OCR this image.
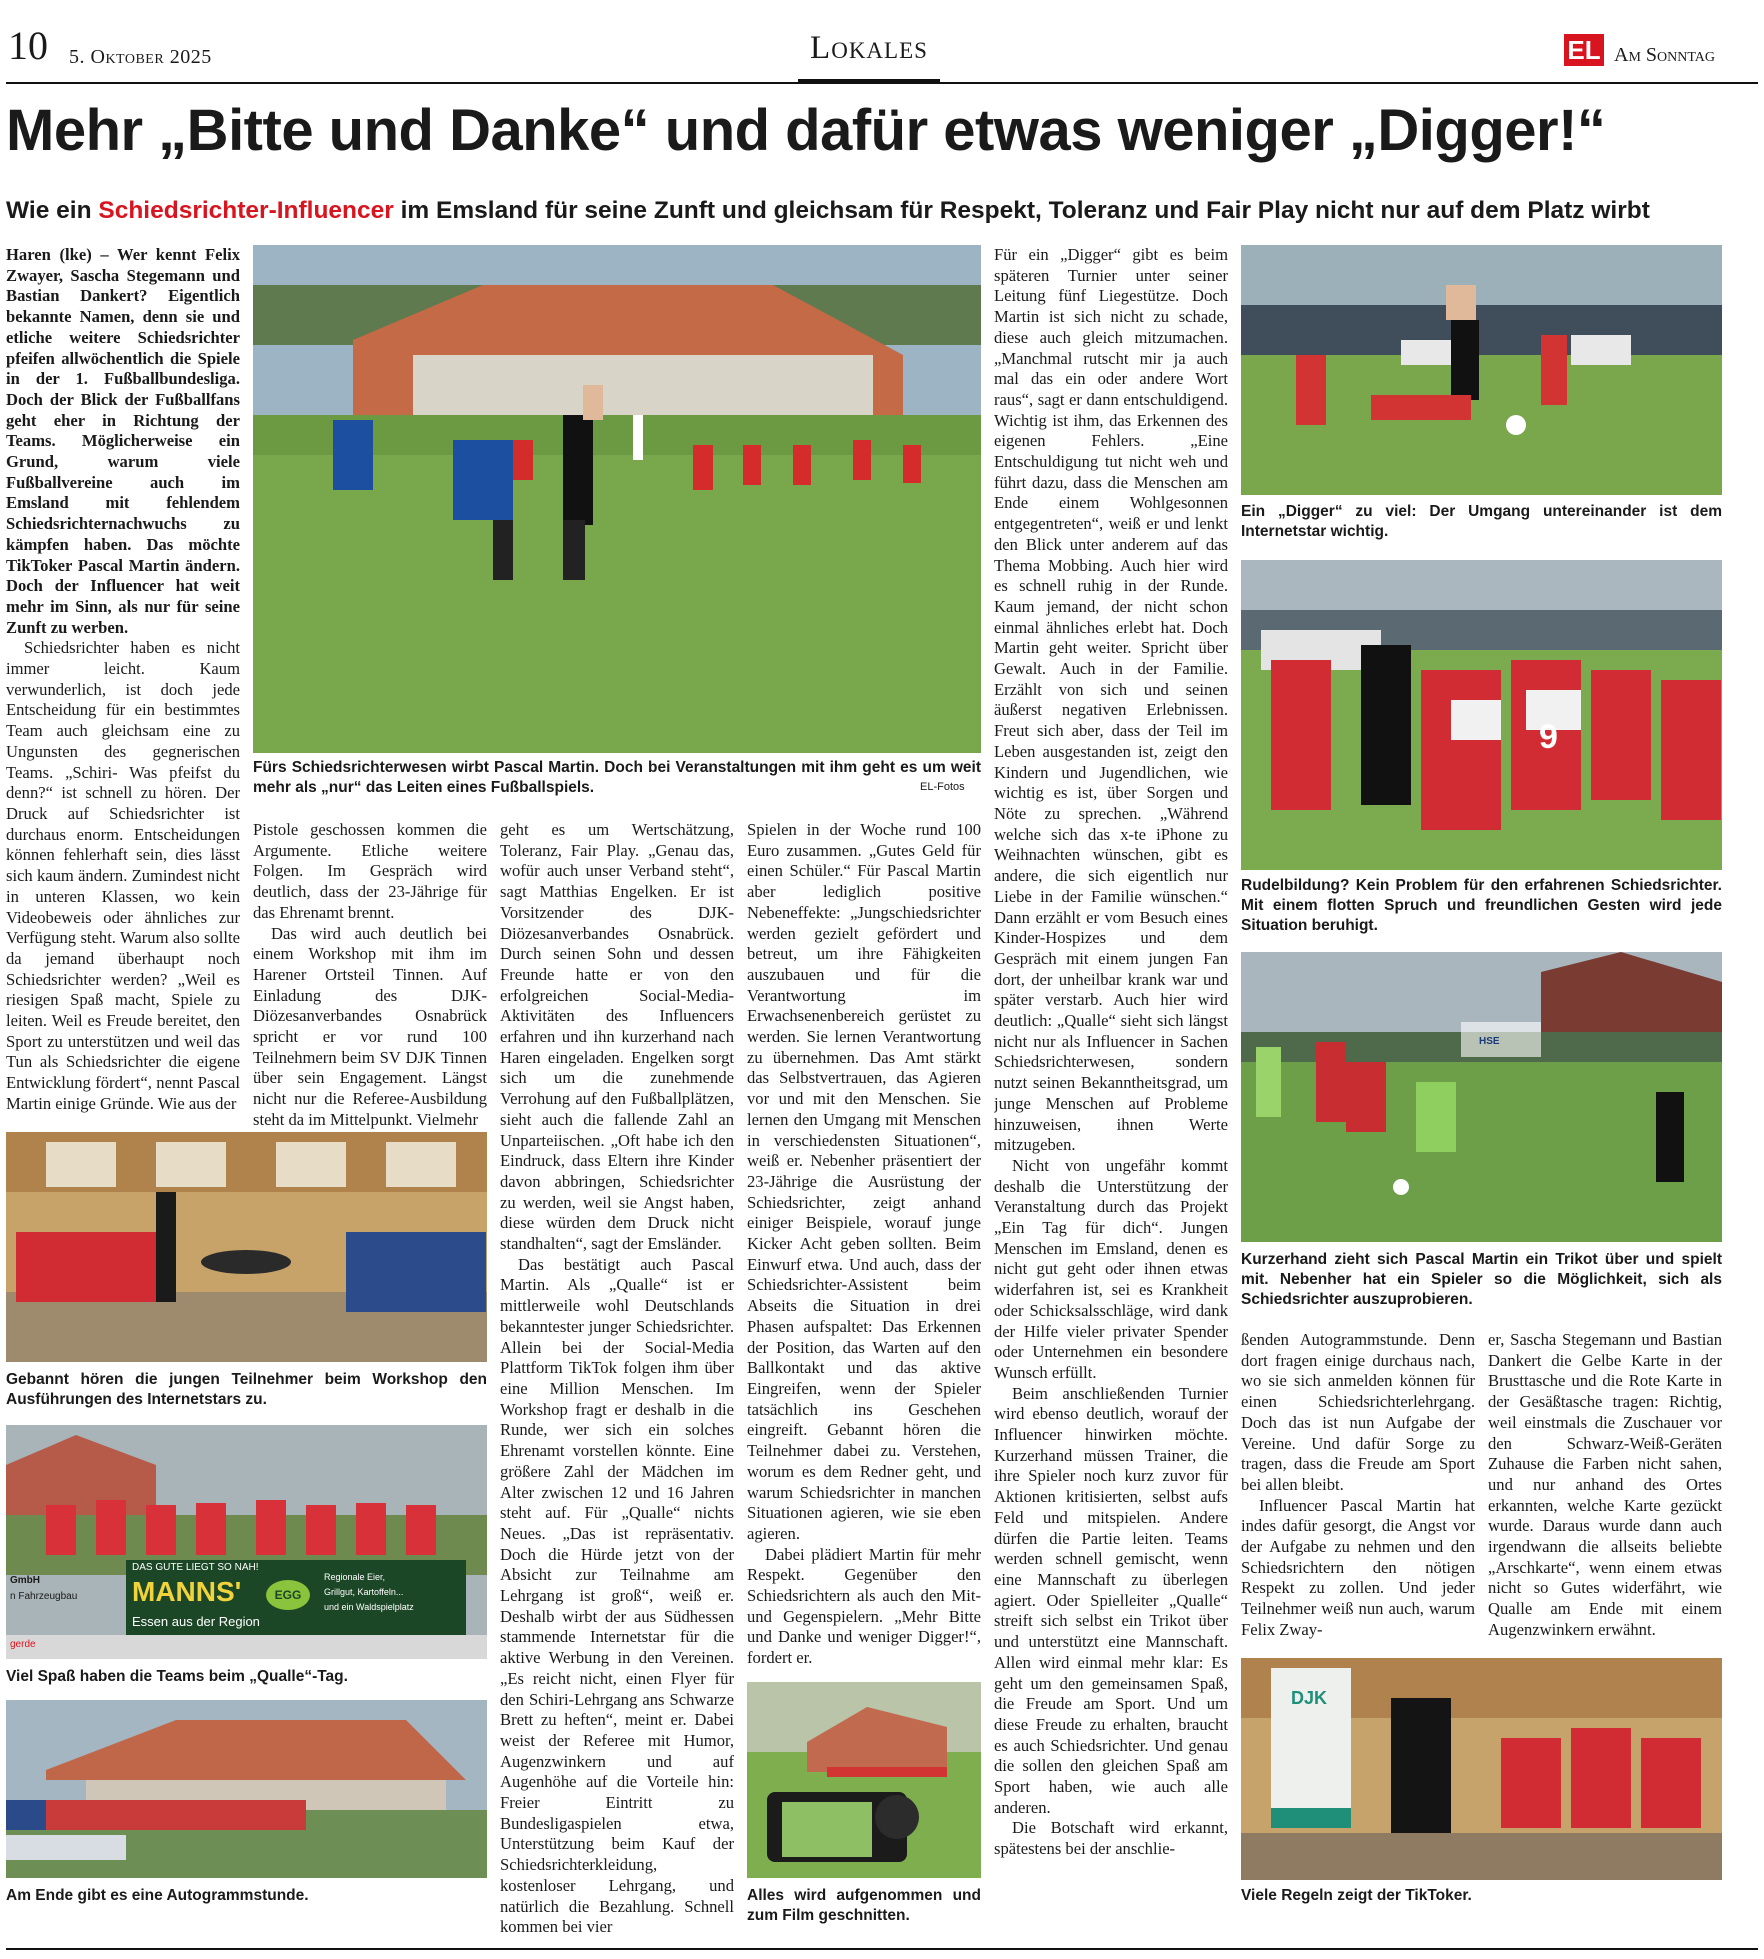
10 5. Oktober 2025	Lokales	EL Am Sonntag
Mehr „Bitte und Danke“ und dafür etwas weniger „Digger!“
Wie ein Schiedsrichter-Influencer im Emsland für seine Zunft und gleichsam für Respekt, Toleranz und Fair Play nicht nur auf dem Platz wirbt
Haren (lke) – Wer kennt Felix Zwayer, Sascha Stegemann und Bastian Dankert? Eigentlich bekannte Namen, denn sie und etliche weitere Schiedsrichter pfeifen allwöchentlich die Spiele in der 1. Fußballbundesliga. Doch der Blick der Fußballfans geht eher in Richtung der Teams. Möglicherweise ein Grund, warum viele Fußballvereine auch im Emsland mit fehlendem Schiedsrichternachwuchs zu kämpfen haben. Das möchte TikToker Pascal Martin ändern. Doch der Influencer hat weit mehr im Sinn, als nur für seine Zunft zu werben.
Schiedsrichter haben es nicht immer leicht. Kaum verwunderlich, ist doch jede Entscheidung für ein bestimmtes Team auch gleichsam eine zu Ungunsten des gegnerischen Teams. „Schiri- Was pfeifst du denn?“ ist schnell zu hören. Der Druck auf Schiedsrichter ist durchaus enorm. Entscheidungen können fehlerhaft sein, dies lässt sich kaum ändern. Zumindest nicht in unteren Klassen, wo kein Videobeweis oder ähnliches zur Verfügung steht. Warum also sollte da jemand überhaupt noch Schiedsrichter werden? „Weil es riesigen Spaß macht, Spiele zu leiten. Weil es Freude bereitet, den Sport zu unterstützen und weil das Tun als Schiedsrichter die eigene Entwicklung fördert“, nennt Pascal Martin einige Gründe. Wie aus der
Fürs Schiedsrichterwesen wirbt Pascal Martin. Doch bei Veranstaltungen mit ihm geht es um weit mehr als „nur“ das Leiten eines Fußballspiels.	EL-Fotos
Pistole geschossen kommen die Argumente. Etliche weitere Folgen. Im Gespräch wird deutlich, dass der 23-Jährige für das Ehrenamt brennt.
Das wird auch deutlich bei einem Workshop mit ihm im Harener Ortsteil Tinnen. Auf Einladung des DJK-Diözesanverbandes Osnabrück spricht er vor rund 100 Teilnehmern beim SV DJK Tinnen über sein Engagement. Längst nicht nur die Referee-Ausbildung steht da im Mittelpunkt. Vielmehr
geht es um Wertschätzung, Toleranz, Fair Play. „Genau das, wofür auch unser Verband steht“, sagt Matthias Engelken. Er ist Vorsitzender des DJK-Diözesanverbandes Osnabrück. Durch seinen Sohn und dessen Freunde hatte er von den erfolgreichen Social-Media-Aktivitäten des Influencers erfahren und ihn kurzerhand nach Haren eingeladen. Engelken sorgt sich um die zunehmende Verrohung auf den Fußballplätzen, sieht auch die fallende Zahl an Unparteiischen. „Oft habe ich den Eindruck, dass Eltern ihre Kinder davon abbringen, Schiedsrichter zu werden, weil sie Angst haben, diese würden dem Druck nicht standhalten“, sagt der Emsländer.
Das bestätigt auch Pascal Martin. Als „Qualle“ ist er mittlerweile wohl Deutschlands bekanntester junger Schiedsrichter. Allein bei der Social-Media Plattform TikTok folgen ihm über eine Million Menschen. Im Workshop fragt er deshalb in die Runde, wer sich ein solches Ehrenamt vorstellen könnte. Eine größere Zahl der Mädchen im Alter zwischen 12 und 16 Jahren steht auf. Für „Qualle“ nichts Neues. „Das ist repräsentativ. Doch die Hürde jetzt von der Absicht zur Teilnahme am Lehrgang ist groß“, weiß er. Deshalb wirbt der aus Südhessen stammende Internetstar für die aktive Werbung in den Vereinen. „Es reicht nicht, einen Flyer für den Schiri-Lehrgang ans Schwarze Brett zu heften“, meint er. Dabei weist der Referee mit Humor, Augenzwinkern und auf Augenhöhe auf die Vorteile hin: Freier Eintritt zu Bundesligaspielen etwa, Unterstützung beim Kauf der Schiedsrichterkleidung, kostenloser Lehrgang, und natürlich die Bezahlung. Schnell kommen bei vier
Spielen in der Woche rund 100 Euro zusammen. „Gutes Geld für einen Schüler.“ Für Pascal Martin aber lediglich positive Nebeneffekte: „Jungschiedsrichter werden gezielt gefördert und betreut, um ihre Fähigkeiten auszubauen und für die Verantwortung im Erwachsenenbereich gerüstet zu werden. Sie lernen Verantwortung zu übernehmen. Das Amt stärkt das Selbstvertrauen, das Agieren vor und mit den Menschen. Sie lernen den Umgang mit Menschen in verschiedensten Situationen“, weiß er. Nebenher präsentiert der 23-Jährige die Ausrüstung der Schiedsrichter, zeigt anhand einiger Beispiele, worauf junge Kicker Acht geben sollten. Beim Einwurf etwa. Und auch, dass der Schiedsrichter-Assistent beim Abseits die Situation in drei Phasen aufspaltet: Das Erkennen der Position, das Warten auf den Ballkontakt und das aktive Eingreifen, wenn der Spieler tatsächlich ins Geschehen eingreift. Gebannt hören die Teilnehmer dabei zu. Verstehen, worum es dem Redner geht, und warum Schiedsrichter in manchen Situationen agieren, wie sie eben agieren.
Dabei plädiert Martin für mehr Respekt. Gegenüber den Schiedsrichtern als auch den Mit- und Gegenspielern. „Mehr Bitte und Danke und weniger Digger!“, fordert er.
Alles wird aufgenommen und zum Film geschnitten.
Gebannt hören die jungen Teilnehmer beim Workshop den Ausführungen des Internetstars zu.
DAS GUTE LIEGT SO NAH!
MANNS'	EGG
Essen aus der Region
Regionale Eier,
Grillgut, Kartoffeln...
und ein Waldspielplatz
GmbH
n Fahrzeugbau
gerde
Viel Spaß haben die Teams beim „Qualle“-Tag.
Am Ende gibt es eine Autogrammstunde.
Für ein „Digger“ gibt es beim späteren Turnier unter seiner Leitung fünf Liegestütze. Doch Martin ist sich nicht zu schade, diese auch gleich mitzumachen. „Manchmal rutscht mir ja auch mal das ein oder andere Wort raus“, sagt er dann entschuldigend. Wichtig ist ihm, das Erkennen des eigenen Fehlers. „Eine Entschuldigung tut nicht weh und führt dazu, dass die Menschen am Ende einem Wohlgesonnen entgegentreten“, weiß er und lenkt den Blick unter anderem auf das Thema Mobbing. Auch hier wird es schnell ruhig in der Runde. Kaum jemand, der nicht schon einmal ähnliches erlebt hat. Doch Martin geht weiter. Spricht über Gewalt. Auch in der Familie. Erzählt von sich und seinen äußerst negativen Erlebnissen. Freut sich aber, dass der Teil im Leben ausgestanden ist, zeigt den Kindern und Jugendlichen, wie wichtig es ist, über Sorgen und Nöte zu sprechen. „Während welche sich das x-te iPhone zu Weihnachten wünschen, gibt es andere, die sich eigentlich nur Liebe in der Familie wünschen.“ Dann erzählt er vom Besuch eines Kinder-Hospizes und dem Gespräch mit einem jungen Fan dort, der unheilbar krank war und später verstarb. Auch hier wird deutlich: „Qualle“ sieht sich längst nicht nur als Influencer in Sachen Schiedsrichterwesen, sondern nutzt seinen Bekanntheitsgrad, um junge Menschen auf Probleme hinzuweisen, ihnen Werte mitzugeben.
Nicht von ungefähr kommt deshalb die Unterstützung der Veranstaltung durch das Projekt „Ein Tag für dich“. Jungen Menschen im Emsland, denen es nicht gut geht oder ihnen etwas widerfahren ist, sei es Krankheit oder Schicksalsschläge, wird dank der Hilfe vieler privater Spender oder Unternehmen ein besondere Wunsch erfüllt.
Beim anschließenden Turnier wird ebenso deutlich, worauf der Influencer hinwirken möchte. Kurzerhand müssen Trainer, die ihre Spieler noch kurz zuvor für Aktionen kritisierten, selbst aufs Feld und mitspielen. Andere dürfen die Partie leiten. Teams werden schnell gemischt, wenn eine Mannschaft zu überlegen agiert. Oder Spielleiter „Qualle“ streift sich selbst ein Trikot über und unterstützt eine Mannschaft. Allen wird einmal mehr klar: Es geht um den gemeinsamen Spaß, die Freude am Sport. Und um diese Freude zu erhalten, braucht es auch Schiedsrichter. Und genau die sollen den gleichen Spaß am Sport haben, wie auch alle anderen.
Die Botschaft wird erkannt, spätestens bei der anschlie-
Ein „Digger“ zu viel: Der Umgang untereinander ist dem Internetstar wichtig.
9
Rudelbildung? Kein Problem für den erfahrenen Schiedsrichter. Mit einem flotten Spruch und freundlichen Gesten wird jede Situation beruhigt.
HSE
Kurzerhand zieht sich Pascal Martin ein Trikot über und spielt mit. Nebenher hat ein Spieler so die Möglichkeit, sich als Schiedsrichter auszuprobieren.
ßenden Autogrammstunde. Denn dort fragen einige durchaus nach, wo sie sich anmelden können für einen Schiedsrichterlehrgang. Doch das ist nun Aufgabe der Vereine. Und dafür Sorge zu tragen, dass die Freude am Sport bei allen bleibt.
Influencer Pascal Martin hat indes dafür gesorgt, die Angst vor der Aufgabe zu nehmen und den Schiedsrichtern den nötigen Respekt zu zollen. Und jeder Teilnehmer weiß nun auch, warum Felix Zway-
er, Sascha Stegemann und Bastian Dankert die Gelbe Karte in der Brusttasche und die Rote Karte in der Gesäßtasche tragen: Richtig, weil einstmals die Zuschauer vor den Schwarz-Weiß-Geräten Zuhause die Farben nicht sahen, und nur anhand des Ortes erkannten, welche Karte gezückt wurde. Daraus wurde dann auch irgendwann die allseits beliebte „Arschkarte“, wenn einem etwas nicht so Gutes widerfährt, wie Qualle am Ende mit einem Augenzwinkern erwähnt.
DJK
Viele Regeln zeigt der TikToker.
